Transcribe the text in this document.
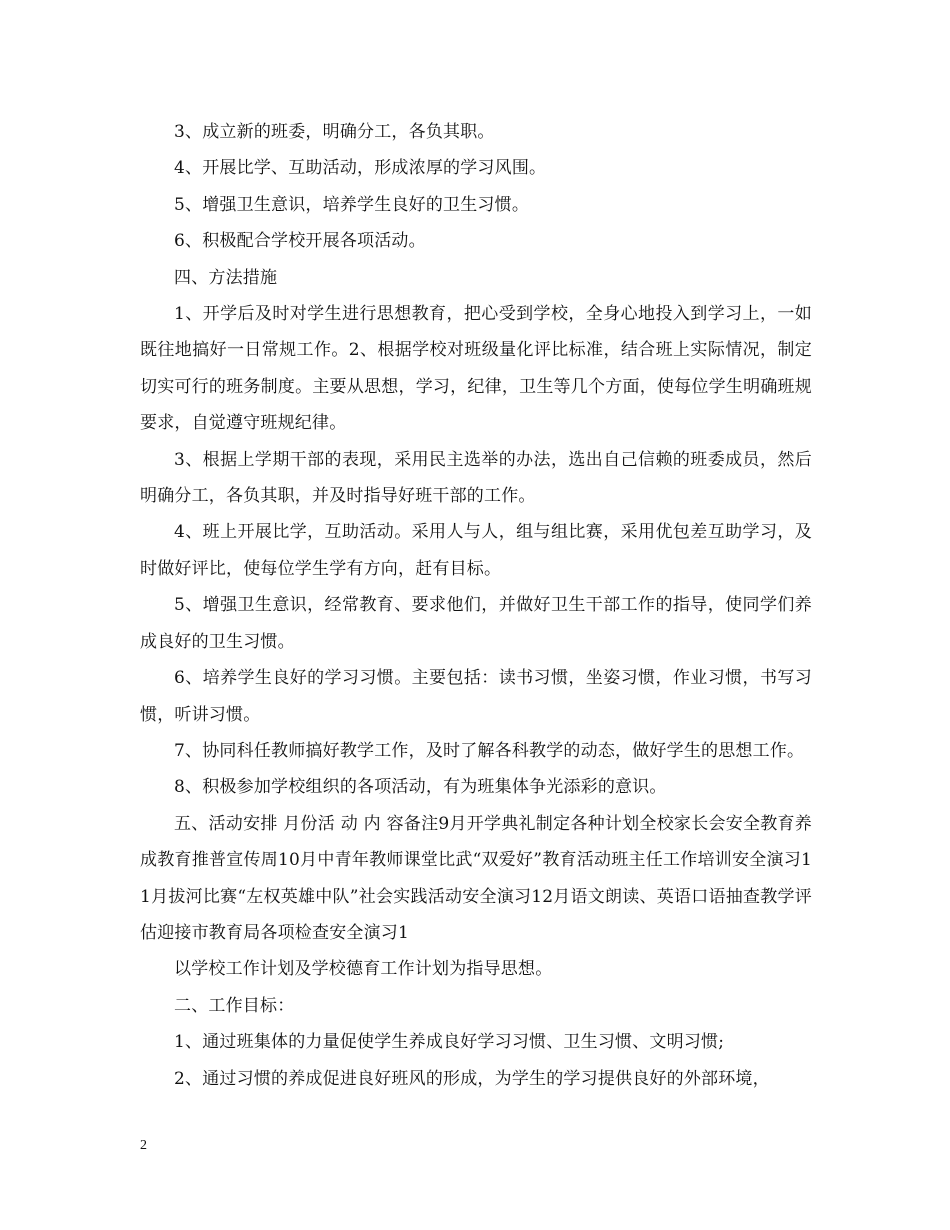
3、成立新的班委，明确分工，各负其职。

4、开展比学、互助活动，形成浓厚的学习风围。

5、增强卫生意识，培养学生良好的卫生习惯。

6、积极配合学校开展各项活动。

四、方法措施

1、开学后及时对学生进行思想教育，把心受到学校，全身心地投入到学习上，一如既往地搞好一日常规工作。2、根据学校对班级量化评比标准，结合班上实际情况，制定切实可行的班务制度。主要从思想，学习，纪律，卫生等几个方面，使每位学生明确班规要求，自觉遵守班规纪律。

3、根据上学期干部的表现，采用民主选举的办法，选出自己信赖的班委成员，然后明确分工，各负其职，并及时指导好班干部的工作。

4、班上开展比学，互助活动。采用人与人，组与组比赛，采用优包差互助学习，及时做好评比，使每位学生学有方向，赶有目标。

5、增强卫生意识，经常教育、要求他们，并做好卫生干部工作的指导，使同学们养成良好的卫生习惯。

6、培养学生良好的学习习惯。主要包括：读书习惯，坐姿习惯，作业习惯，书写习惯，听讲习惯。

7、协同科任教师搞好教学工作，及时了解各科教学的动态，做好学生的思想工作。

8、积极参加学校组织的各项活动，有为班集体争光添彩的意识。

五、活动安排 月份活 动 内 容备注9月开学典礼制定各种计划全校家长会安全教育养成教育推普宣传周10月中青年教师课堂比武“双爱好”教育活动班主任工作培训安全演习11月拔河比赛“左权英雄中队”社会实践活动安全演习12月语文朗读、英语口语抽查教学评估迎接市教育局各项检查安全演习1

以学校工作计划及学校德育工作计划为指导思想。

二、工作目标：

1、通过班集体的力量促使学生养成良好学习习惯、卫生习惯、文明习惯;

2、通过习惯的养成促进良好班风的形成，为学生的学习提供良好的外部环境，

2
